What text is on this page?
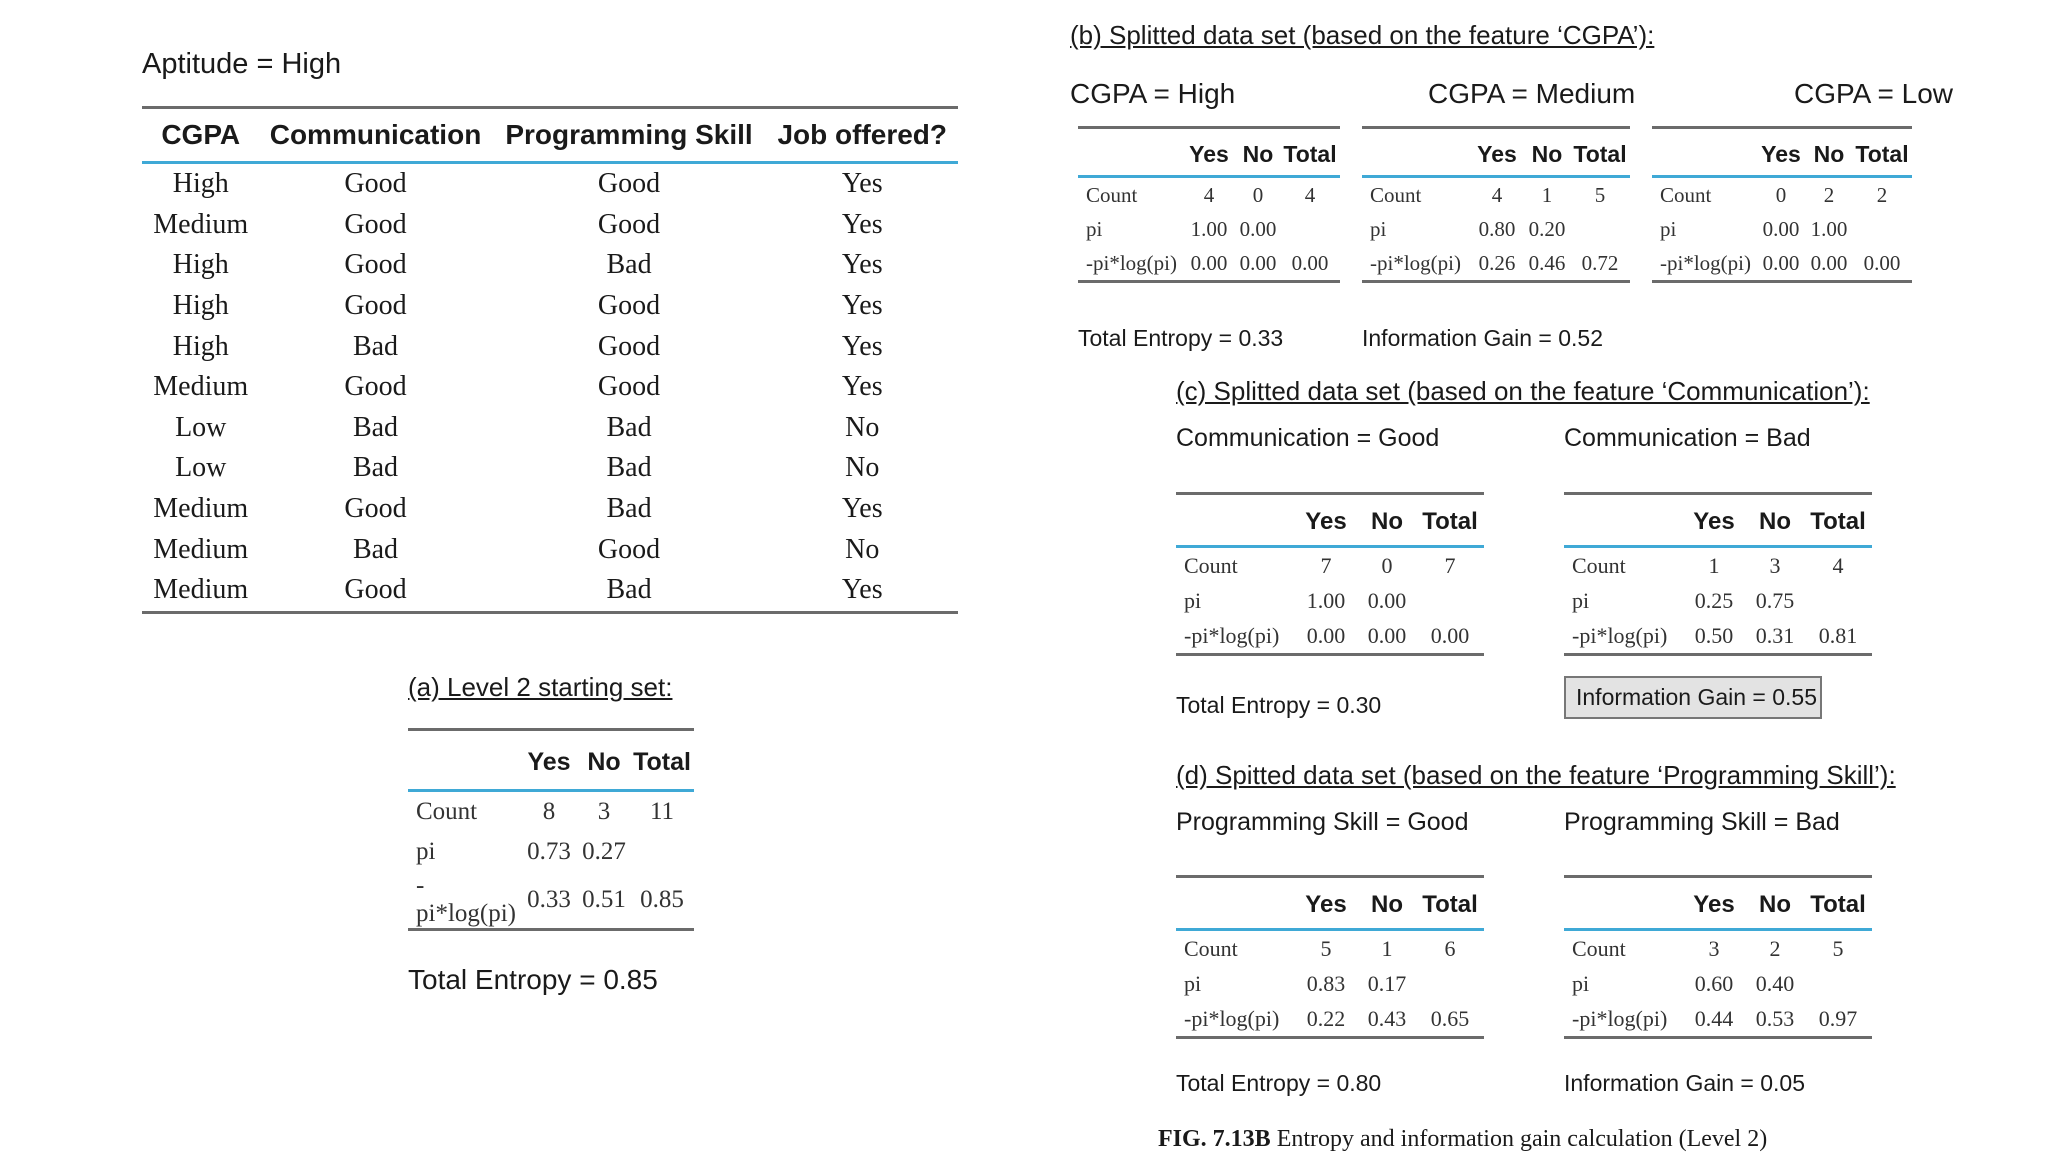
Aptitude = High
CGPA	Communication	Programming Skill	Job offered?
High	Good	Good	Yes
Medium	Good	Good	Yes
High	Good	Bad	Yes
High	Good	Good	Yes
High	Bad	Good	Yes
Medium	Good	Good	Yes
Low	Bad	Bad	No
Low	Bad	Bad	No
Medium	Good	Bad	Yes
Medium	Bad	Good	No
Medium	Good	Bad	Yes
(a) Level 2 starting set:
	Yes	No	Total
Count	8	3	11
pi	0.73	0.27	
-pi*log(pi)	0.33	0.51	0.85
Total Entropy = 0.85
(b) Splitted data set (based on the feature ‘CGPA’):
CGPA = High	CGPA = Medium	CGPA = Low
	Yes	No	Total
Count	4	0	4
pi	1.00	0.00	
-pi*log(pi)	0.00	0.00	0.00
	Yes	No	Total
Count	4	1	5
pi	0.80	0.20	
-pi*log(pi)	0.26	0.46	0.72
	Yes	No	Total
Count	0	2	2
pi	0.00	1.00	
-pi*log(pi)	0.00	0.00	0.00
Total Entropy = 0.33	Information Gain = 0.52
(c) Splitted data set (based on the feature ‘Communication’):
Communication = Good	Communication = Bad
	Yes	No	Total
Count	7	0	7
pi	1.00	0.00	
-pi*log(pi)	0.00	0.00	0.00
	Yes	No	Total
Count	1	3	4
pi	0.25	0.75	
-pi*log(pi)	0.50	0.31	0.81
Total Entropy = 0.30	Information Gain = 0.55
(d) Spitted data set (based on the feature ‘Programming Skill’):
Programming Skill = Good	Programming Skill = Bad
	Yes	No	Total
Count	5	1	6
pi	0.83	0.17	
-pi*log(pi)	0.22	0.43	0.65
	Yes	No	Total
Count	3	2	5
pi	0.60	0.40	
-pi*log(pi)	0.44	0.53	0.97
Total Entropy = 0.80	Information Gain = 0.05
FIG. 7.13B Entropy and information gain calculation (Level 2)
